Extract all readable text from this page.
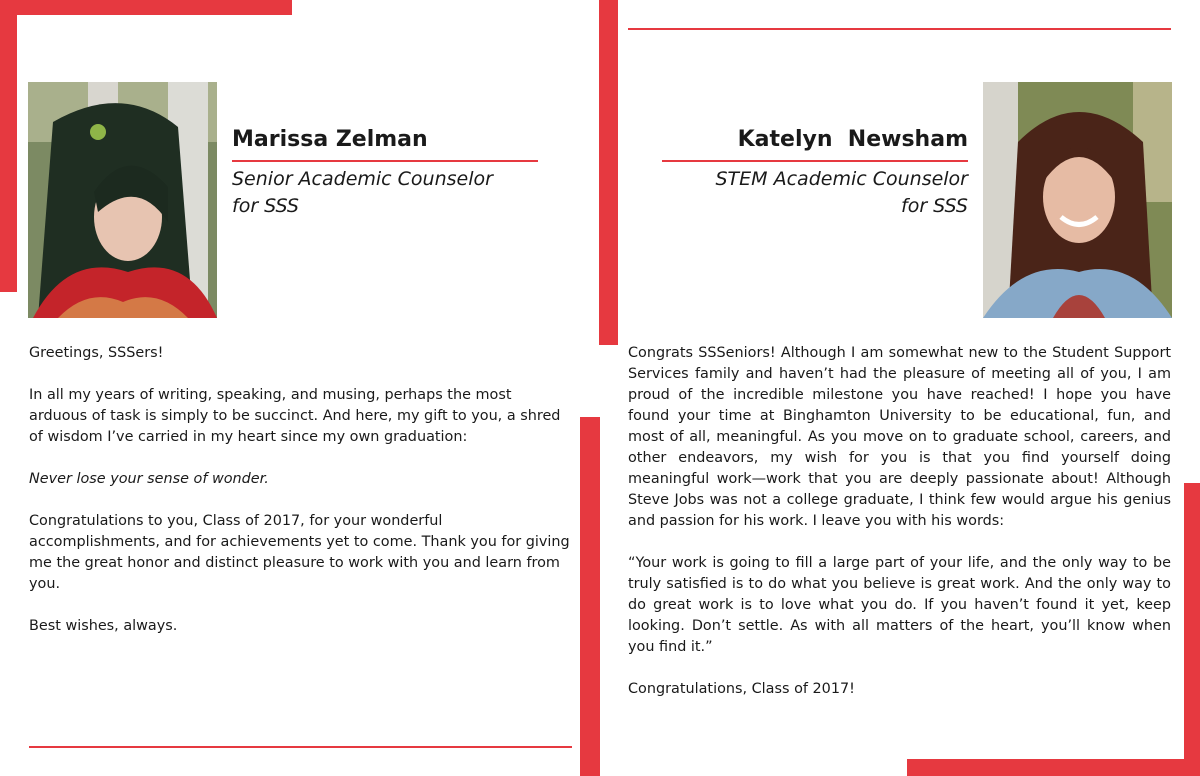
Marissa Zelman
Senior Academic Counselor
for SSS
Katelyn  Newsham
STEM Academic Counselor
for SSS

Greetings, SSSers!

In all my years of writing, speaking, and musing, perhaps the most arduous of task is simply to be succinct. And here, my gift to you, a shred of wisdom I’ve carried in my heart since my own graduation:

Never lose your sense of wonder.

Congratulations to you, Class of 2017, for your wonderful accomplishments, and for achievements yet to come. Thank you for giving me the great honor and distinct pleasure to work with you and learn from you.

Best wishes, always.

Congrats SSSeniors! Although I am somewhat new to the Student Support Services family and haven’t had the pleasure of meeting all of you, I am proud of the incredible milestone you have reached! I hope you have found your time at Binghamton University to be educational, fun, and most of all, meaningful. As you move on to graduate school, careers, and other endeavors, my wish for you is that you find yourself doing meaningful work—work that you are deeply passionate about! Although Steve Jobs was not a college graduate, I think few would argue his genius and passion for his work. I leave you with his words:

“Your work is going to fill a large part of your life, and the only way to be truly satisfied is to do what you believe is great work. And the only way to do great work is to love what you do. If you haven’t found it yet, keep looking. Don’t settle. As with all matters of the heart, you’ll know when you find it.”

Congratulations, Class of 2017!
